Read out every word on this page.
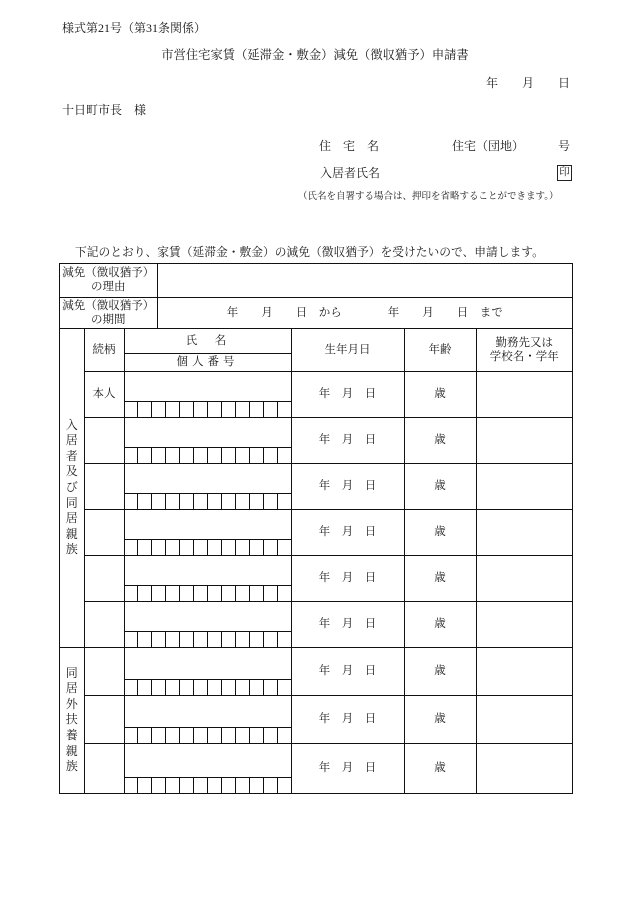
様式第21号（第31条関係）
市営住宅家賃（延滞金・敷金）減免（徴収猶予）申請書
年　　月　　日
十日町市長　様
住　宅　名	住宅（団地）	号
入居者氏名	印
（氏名を自署する場合は、押印を省略することができます。）
下記のとおり、家賃（延滞金・敷金）の減免（徴収猶予）を受けたいので、申請します。
減免（徴収猶予）
の理由	

減免（徴収猶予）
の期間	年　　月　　日　から　　　　年　　月　　日　まで
入居者及び同居親族	続柄	氏　名	生年月日	年齢	勤務先又は
学校名・学年

		個人番号			
	本人		年　月　日	歳	

			年　月　日	歳	

			年　月　日	歳	

			年　月　日	歳	

			年　月　日	歳	

			年　月　日	歳	

同居外扶養親族			年　月　日	歳	

			年　月　日	歳	

			年　月　日	歳	
